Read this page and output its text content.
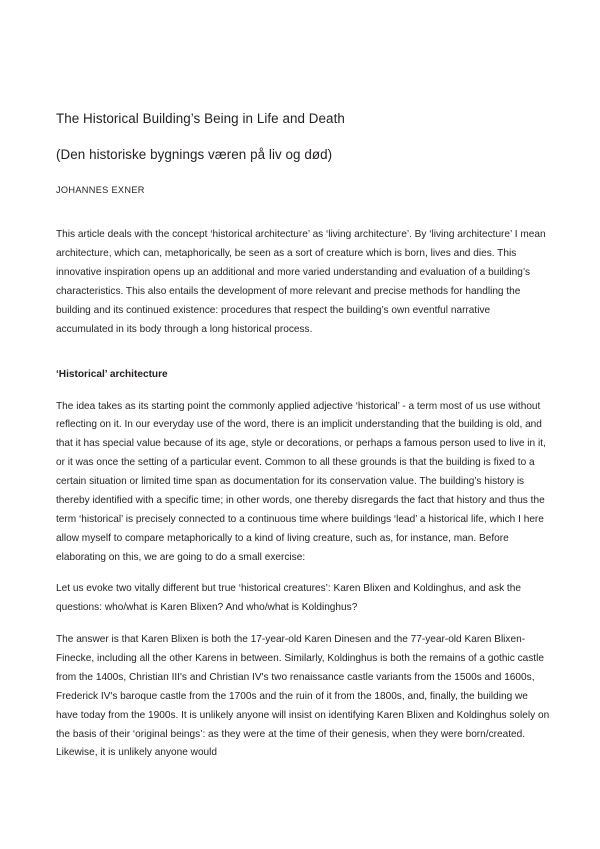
The Historical Building’s Being in Life and Death
(Den historiske bygnings væren på liv og død)
JOHANNES EXNER

This article deals with the concept ‘historical architecture’ as ‘living architecture’. By ‘living architecture’ I mean architecture, which can, metaphorically, be seen as a sort of creature which is born, lives and dies. This innovative inspiration opens up an additional and more varied understanding and evaluation of a building’s characteristics. This also entails the development of more relevant and precise methods for handling the building and its continued existence: procedures that respect the building’s own eventful narrative accumulated in its body through a long historical process.

‘Historical’ architecture

The idea takes as its starting point the commonly applied adjective ‘historical’ - a term most of us use without reflecting on it. In our everyday use of the word, there is an implicit understanding that the building is old, and that it has special value because of its age, style or decorations, or perhaps a famous person used to live in it, or it was once the setting of a particular event. Common to all these grounds is that the building is fixed to a certain situation or limited time span as documentation for its conservation value. The building’s history is thereby identified with a specific time; in other words, one thereby disregards the fact that history and thus the term ‘historical’ is precisely connected to a continuous time where buildings ‘lead’ a historical life, which I here allow myself to compare metaphorically to a kind of living creature, such as, for instance, man. Before elaborating on this, we are going to do a small exercise:

Let us evoke two vitally different but true ‘historical creatures’: Karen Blixen and Koldinghus, and ask the questions: who/what is Karen Blixen? And who/what is Koldinghus?

The answer is that Karen Blixen is both the 17-year-old Karen Dinesen and the 77-year-old Karen Blixen-Finecke, including all the other Karens in between. Similarly, Koldinghus is both the remains of a gothic castle from the 1400s, Christian III's and Christian IV's two renaissance castle variants from the 1500s and 1600s, Frederick IV's baroque castle from the 1700s and the ruin of it from the 1800s, and, finally, the building we have today from the 1900s. It is unlikely anyone will insist on identifying Karen Blixen and Koldinghus solely on the basis of their ‘original beings’: as they were at the time of their genesis, when they were born/created. Likewise, it is unlikely anyone would
